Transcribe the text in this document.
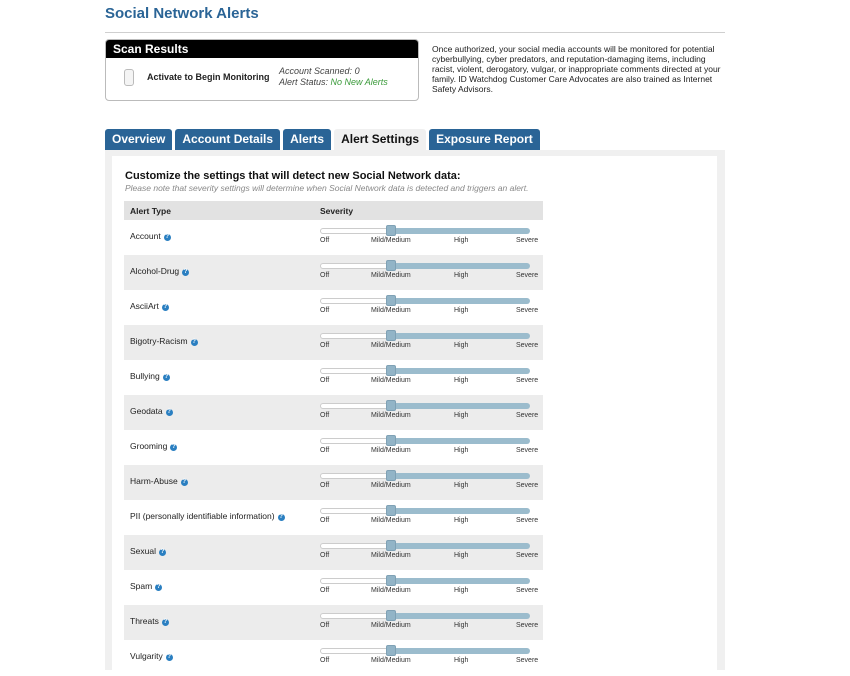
Social Network Alerts
Scan Results
Activate to Begin Monitoring
Account Scanned: 0
Alert Status: No New Alerts
Once authorized, your social media accounts will be monitored for potential cyberbullying, cyber predators, and reputation-damaging items, including racist, violent, derogatory, vulgar, or inappropriate comments directed at your family. ID Watchdog Customer Care Advocates are also trained as Internet Safety Advisors.
Overview	Account Details	Alerts	Alert Settings	Exposure Report
Customize the settings that will detect new Social Network data:
Please note that severity settings will determine when Social Network data is detected and triggers an alert.
Alert Type	Severity
Account ?	Off	Mild/Medium	High	Severe
Alcohol-Drug ?	Off	Mild/Medium	High	Severe
AsciiArt ?	Off	Mild/Medium	High	Severe
Bigotry-Racism ?	Off	Mild/Medium	High	Severe
Bullying ?	Off	Mild/Medium	High	Severe
Geodata ?	Off	Mild/Medium	High	Severe
Grooming ?	Off	Mild/Medium	High	Severe
Harm-Abuse ?	Off	Mild/Medium	High	Severe
PII (personally identifiable information) ?	Off	Mild/Medium	High	Severe
Sexual ?	Off	Mild/Medium	High	Severe
Spam ?	Off	Mild/Medium	High	Severe
Threats ?	Off	Mild/Medium	High	Severe
Vulgarity ?	Off	Mild/Medium	High	Severe
